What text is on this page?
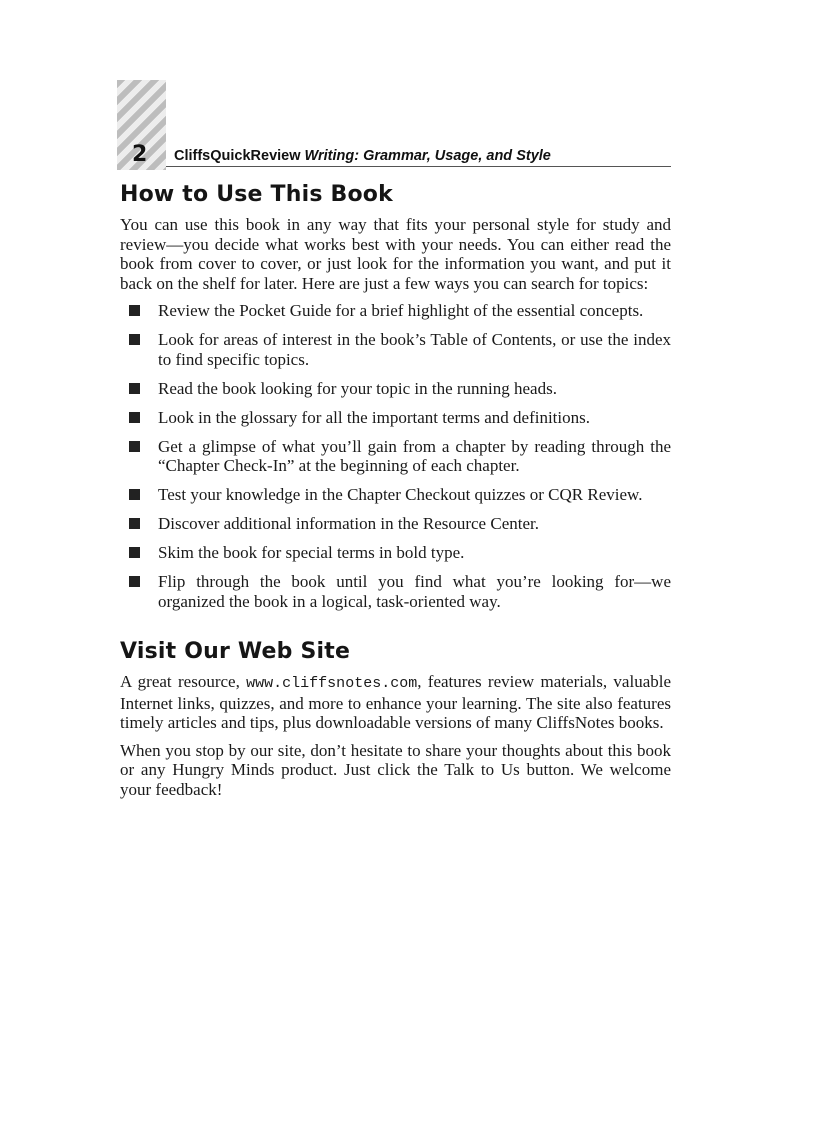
2 CliffsQuickReview Writing: Grammar, Usage, and Style
How to Use This Book

You can use this book in any way that fits your personal style for study and review—you decide what works best with your needs. You can either read the book from cover to cover, or just look for the information you want, and put it back on the shelf for later. Here are just a few ways you can search for topics:

Review the Pocket Guide for a brief highlight of the essential concepts.
Look for areas of interest in the book’s Table of Contents, or use the index to find specific topics.
Read the book looking for your topic in the running heads.
Look in the glossary for all the important terms and definitions.
Get a glimpse of what you’ll gain from a chapter by reading through the “Chapter Check-In” at the beginning of each chapter.
Test your knowledge in the Chapter Checkout quizzes or CQR Review.
Discover additional information in the Resource Center.
Skim the book for special terms in bold type.
Flip through the book until you find what you’re looking for—we organized the book in a logical, task-oriented way.
Visit Our Web Site

A great resource, www.cliffsnotes.com, features review materials, valuable Internet links, quizzes, and more to enhance your learning. The site also features timely articles and tips, plus downloadable versions of many CliffsNotes books.

When you stop by our site, don’t hesitate to share your thoughts about this book or any Hungry Minds product. Just click the Talk to Us button. We welcome your feedback!
